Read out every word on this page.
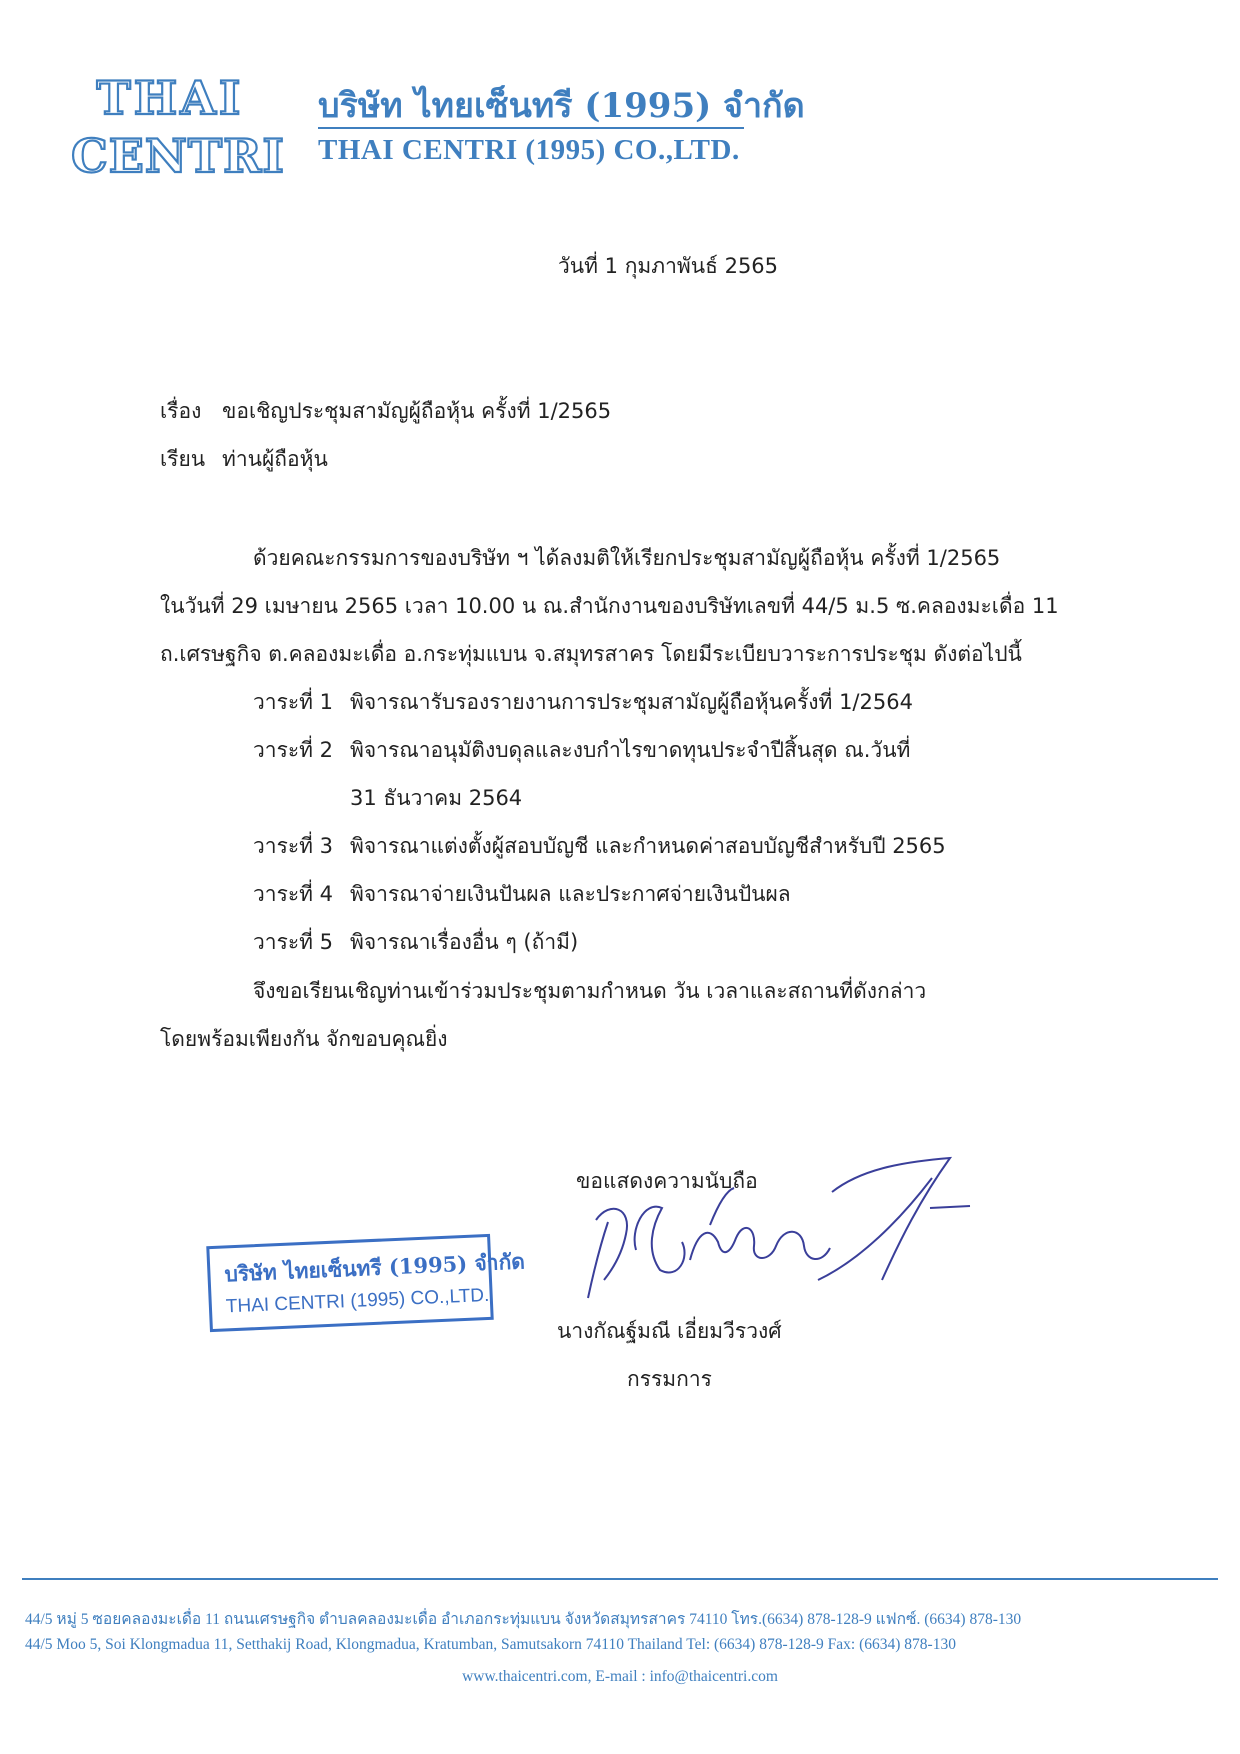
THAI
CENTRI
บริษัท ไทยเซ็นทรี (1995) จำกัด
THAI CENTRI (1995) CO.,LTD.
วันที่ 1 กุมภาพันธ์ 2565
เรื่อง ขอเชิญประชุมสามัญผู้ถือหุ้น ครั้งที่ 1/2565
เรียน ท่านผู้ถือหุ้น
ด้วยคณะกรรมการของบริษัท ฯ ได้ลงมติให้เรียกประชุมสามัญผู้ถือหุ้น ครั้งที่ 1/2565
ในวันที่ 29 เมษายน 2565 เวลา 10.00 น ณ.สำนักงานของบริษัทเลขที่ 44/5 ม.5 ซ.คลองมะเดื่อ 11
ถ.เศรษฐกิจ ต.คลองมะเดื่อ อ.กระทุ่มแบน จ.สมุทรสาคร โดยมีระเบียบวาระการประชุม ดังต่อไปนี้
วาระที่ 1 พิจารณารับรองรายงานการประชุมสามัญผู้ถือหุ้นครั้งที่ 1/2564
วาระที่ 2 พิจารณาอนุมัติงบดุลและงบกำไรขาดทุนประจำปีสิ้นสุด ณ.วันที่
31 ธันวาคม 2564
วาระที่ 3 พิจารณาแต่งตั้งผู้สอบบัญชี และกำหนดค่าสอบบัญชีสำหรับปี 2565
วาระที่ 4 พิจารณาจ่ายเงินปันผล และประกาศจ่ายเงินปันผล
วาระที่ 5 พิจารณาเรื่องอื่น ๆ (ถ้ามี)
จึงขอเรียนเชิญท่านเข้าร่วมประชุมตามกำหนด วัน เวลาและสถานที่ดังกล่าว
โดยพร้อมเพียงกัน จักขอบคุณยิ่ง
ขอแสดงความนับถือ
นางกัณฐ์มณี เอี่ยมวีรวงศ์
กรรมการ
บริษัท ไทยเซ็นทรี (1995) จำกัด
THAI CENTRI (1995) CO.,LTD.
44/5 หมู่ 5 ซอยคลองมะเดื่อ 11 ถนนเศรษฐกิจ ตำบลคลองมะเดื่อ อำเภอกระทุ่มแบน จังหวัดสมุทรสาคร 74110 โทร.(6634) 878-128-9 แฟกซ์. (6634) 878-130
44/5 Moo 5, Soi Klongmadua 11, Setthakij Road, Klongmadua, Kratumban, Samutsakorn 74110 Thailand Tel: (6634) 878-128-9 Fax: (6634) 878-130
www.thaicentri.com, E-mail : info@thaicentri.com
